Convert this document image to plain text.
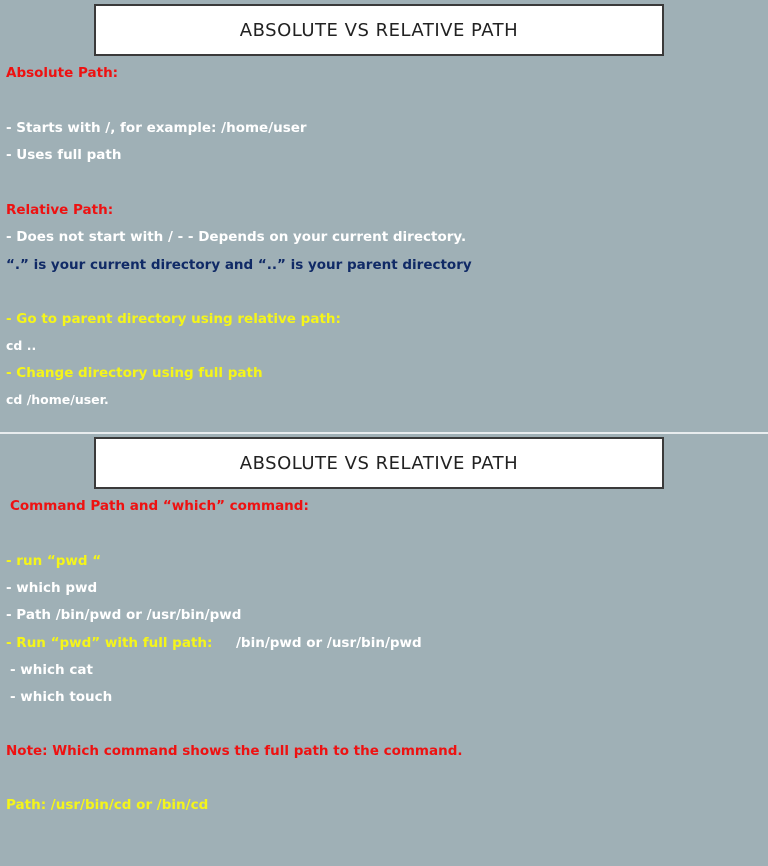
ABSOLUTE VS RELATIVE PATH
Absolute Path:
- Starts with /, for example: /home/user
- Uses full path
Relative Path:
- Does not start with / - - Depends on your current directory.
“.” is your current directory and “..” is your parent directory
- Go to parent directory using relative path:
cd ..
- Change directory using full path
cd /home/user.
ABSOLUTE VS RELATIVE PATH
Command Path and “which” command:
- run “pwd “
- which pwd
- Path /bin/pwd or /usr/bin/pwd
- Run “pwd” with full path: /bin/pwd or /usr/bin/pwd
- which cat
- which touch
Note: Which command shows the full path to the command.
Path: /usr/bin/cd or /bin/cd
